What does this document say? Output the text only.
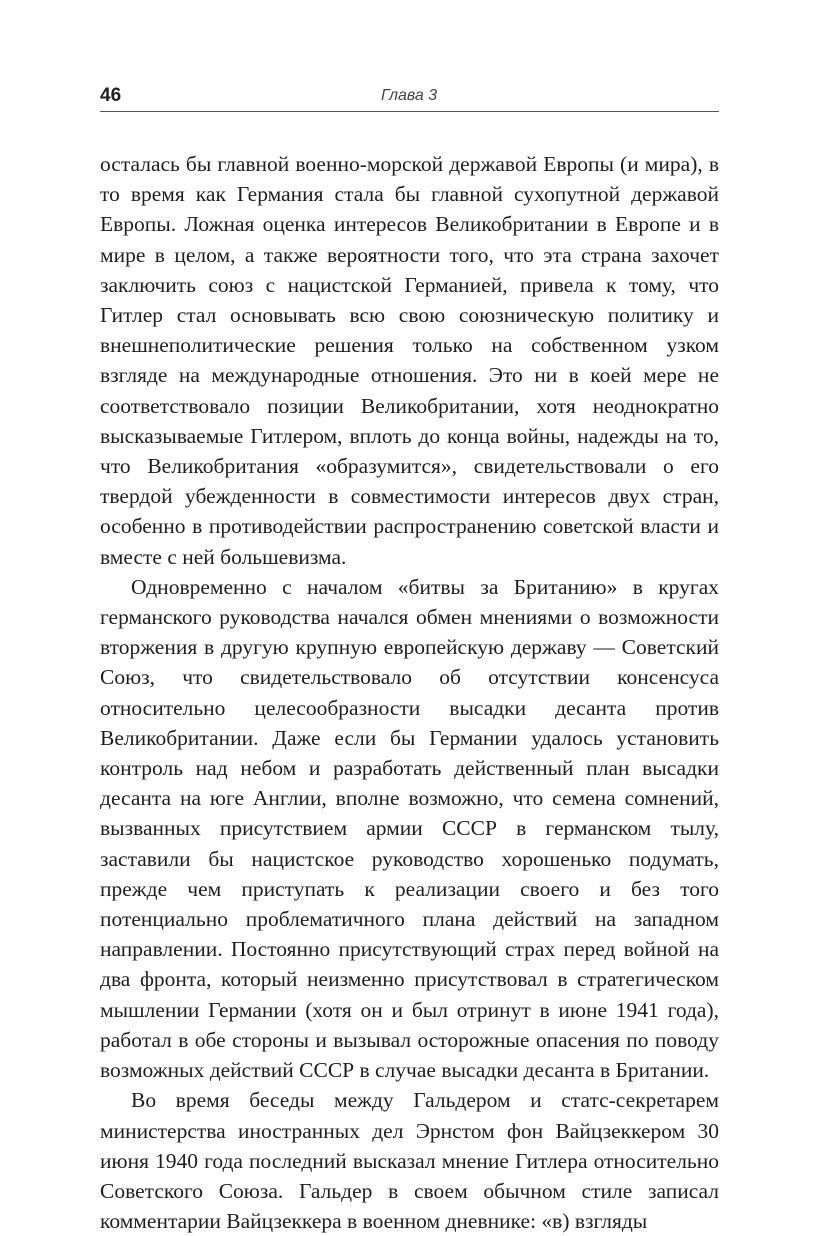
46	Глава 3

осталась бы главной военно-морской державой Европы (и мира), в то время как Германия стала бы главной сухопутной державой Европы. Ложная оценка интересов Великобритании в Европе и в мире в целом, а также вероятности того, что эта страна захочет заключить союз с нацистской Германией, привела к тому, что Гитлер стал основывать всю свою союзническую политику и внешнеполитические решения только на собственном узком взгляде на международные отношения. Это ни в коей мере не соответствовало позиции Великобритании, хотя неоднократно высказываемые Гитлером, вплоть до конца войны, надежды на то, что Великобритания «образумится», свидетельствовали о его твердой убежденности в совместимости интересов двух стран, особенно в противодействии распространению советской власти и вместе с ней большевизма.

Одновременно с началом «битвы за Британию» в кругах германского руководства начался обмен мнениями о возможности вторжения в другую крупную европейскую державу — Советский Союз, что свидетельствовало об отсутствии консенсуса относительно целесообразности высадки десанта против Великобритании. Даже если бы Германии удалось установить контроль над небом и разработать действенный план высадки десанта на юге Англии, вполне возможно, что семена сомнений, вызванных присутствием армии СССР в германском тылу, заставили бы нацистское руководство хорошенько подумать, прежде чем приступать к реализации своего и без того потенциально проблематичного плана действий на западном направлении. Постоянно присутствующий страх перед войной на два фронта, который неизменно присутствовал в стратегическом мышлении Германии (хотя он и был отринут в июне 1941 года), работал в обе стороны и вызывал осторожные опасения по поводу возможных действий СССР в случае высадки десанта в Британии.

Во время беседы между Гальдером и статс-секретарем министерства иностранных дел Эрнстом фон Вайцзеккером 30 июня 1940 года последний высказал мнение Гитлера относительно Советского Союза. Гальдер в своем обычном стиле записал комментарии Вайцзеккера в военном дневнике: «в) взгляды
